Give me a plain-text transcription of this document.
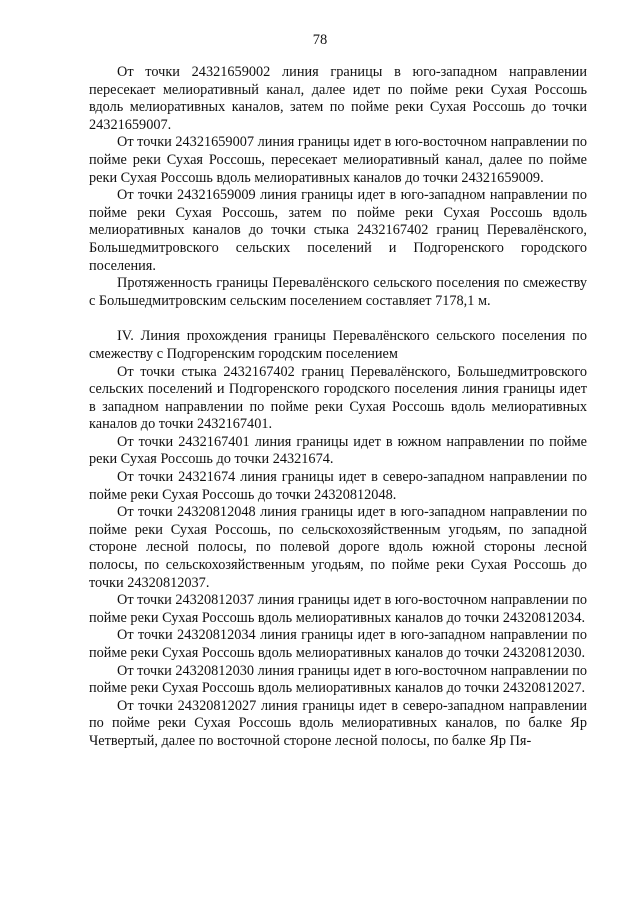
78

От точки 24321659002 линия границы в юго-западном направлении пересекает мелиоративный канал, далее идет по пойме реки Сухая Россошь вдоль мелиоративных каналов, затем по пойме реки Сухая Россошь до точки 24321659007.

От точки 24321659007 линия границы идет в юго-восточном направлении по пойме реки Сухая Россошь, пересекает мелиоративный канал, далее по пойме реки Сухая Россошь вдоль мелиоративных каналов до точки 24321659009.

От точки 24321659009 линия границы идет в юго-западном направлении по пойме реки Сухая Россошь, затем по пойме реки Сухая Россошь вдоль мелиоративных каналов до точки стыка 2432167402 границ Перевалёнского, Большедмитровского сельских поселений и Подгоренского городского поселения.

Протяженность границы Перевалёнского сельского поселения по смежеству с Большедмитровским сельским поселением составляет 7178,1 м.

IV. Линия прохождения границы Перевалёнского сельского поселения по смежеству с Подгоренским городским поселением

От точки стыка 2432167402 границ Перевалёнского, Большедмитровского сельских поселений и Подгоренского городского поселения линия границы идет в западном направлении по пойме реки Сухая Россошь вдоль мелиоративных каналов до точки 2432167401.

От точки 2432167401 линия границы идет в южном направлении по пойме реки Сухая Россошь до точки 24321674.

От точки 24321674 линия границы идет в северо-западном направлении по пойме реки Сухая Россошь до точки 24320812048.

От точки 24320812048 линия границы идет в юго-западном направлении по пойме реки Сухая Россошь, по сельскохозяйственным угодьям, по западной стороне лесной полосы, по полевой дороге вдоль южной стороны лесной полосы, по сельскохозяйственным угодьям, по пойме реки Сухая Россошь до точки 24320812037.

От точки 24320812037 линия границы идет в юго-восточном направлении по пойме реки Сухая Россошь вдоль мелиоративных каналов до точки 24320812034.

От точки 24320812034 линия границы идет в юго-западном направлении по пойме реки Сухая Россошь вдоль мелиоративных каналов до точки 24320812030.

От точки 24320812030 линия границы идет в юго-восточном направлении по пойме реки Сухая Россошь вдоль мелиоративных каналов до точки 24320812027.

От точки 24320812027 линия границы идет в северо-западном направлении по пойме реки Сухая Россошь вдоль мелиоративных каналов, по балке Яр Четвертый, далее по восточной стороне лесной полосы, по балке Яр Пя-
